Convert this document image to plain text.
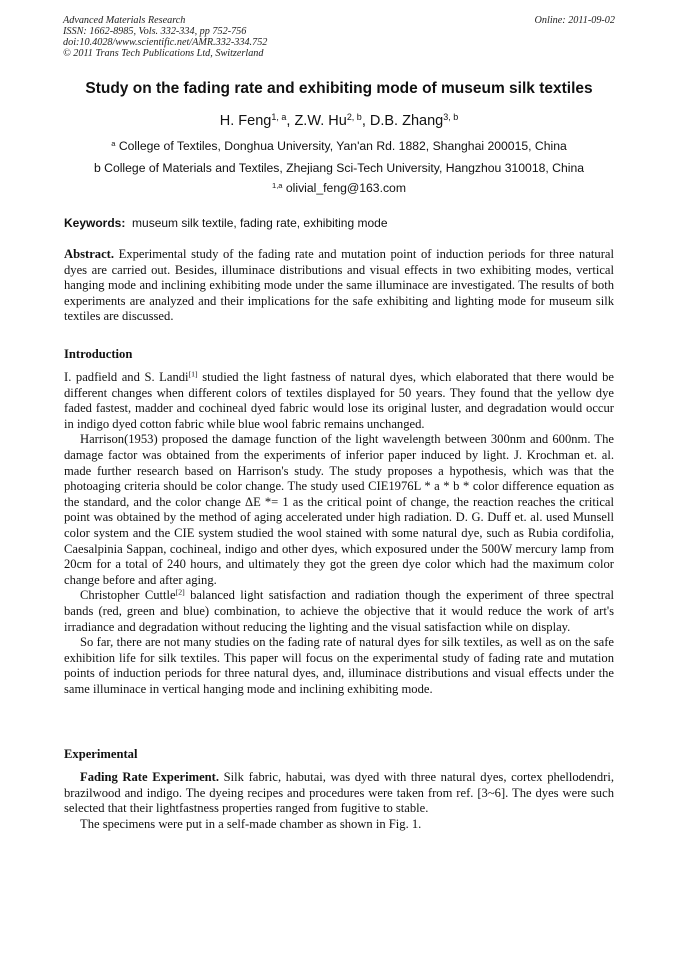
Advanced Materials Research
ISSN: 1662-8985, Vols. 332-334, pp 752-756
doi:10.4028/www.scientific.net/AMR.332-334.752
© 2011 Trans Tech Publications Ltd, Switzerland
Online: 2011-09-02
Study on the fading rate and exhibiting mode of museum silk textiles
H. Feng$^{1, a}$, Z.W. Hu$^{2, b}$, D.B. Zhang$^{3, b}$
$^a$ College of Textiles, Donghua University, Yan'an Rd. 1882, Shanghai 200015, China
b College of Materials and Textiles, Zhejiang Sci-Tech University, Hangzhou 310018, China
$^{1,a}$ olivial_feng@163.com
Keywords: museum silk textile, fading rate, exhibiting mode

Abstract. Experimental study of the fading rate and mutation point of induction periods for three natural dyes are carried out. Besides, illuminace distributions and visual effects in two exhibiting modes, vertical hanging mode and inclining exhibiting mode under the same illuminace are investigated. The results of both experiments are analyzed and their implications for the safe exhibiting and lighting mode for museum silk textiles are discussed.

Introduction

I. padfield and S. Landi[1] studied the light fastness of natural dyes, which elaborated that there would be different changes when different colors of textiles displayed for 50 years. They found that the yellow dye faded fastest, madder and cochineal dyed fabric would lose its original luster, and degradation would occur in indigo dyed cotton fabric while blue wool fabric remains unchanged.

Harrison(1953) proposed the damage function of the light wavelength between 300nm and 600nm. The damage factor was obtained from the experiments of inferior paper induced by light. J. Krochman et. al. made further research based on Harrison's study. The study proposes a hypothesis, which was that the photoaging criteria should be color change. The study used CIE1976L * a * b * color difference equation as the standard, and the color change ΔE *= 1 as the critical point of change, the reaction reaches the critical point was obtained by the method of aging accelerated under high radiation. D. G. Duff et. al. used Munsell color system and the CIE system studied the wool stained with some natural dye, such as Rubia cordifolia, Caesalpinia Sappan, cochineal, indigo and other dyes, which exposured under the 500W mercury lamp from 20cm for a total of 240 hours, and ultimately they got the green dye color which had the maximum color change before and after aging.

Christopher Cuttle[2] balanced light satisfaction and radiation though the experiment of three spectral bands (red, green and blue) combination, to achieve the objective that it would reduce the work of art's irradiance and degradation without reducing the lighting and the visual satisfaction while on display.

So far, there are not many studies on the fading rate of natural dyes for silk textiles, as well as on the safe exhibition life for silk textiles. This paper will focus on the experimental study of fading rate and mutation points of induction periods for three natural dyes, and, illuminace distributions and visual effects under the same illuminace in vertical hanging mode and inclining exhibiting mode.

Experimental

Fading Rate Experiment. Silk fabric, habutai, was dyed with three natural dyes, cortex phellodendri, brazilwood and indigo. The dyeing recipes and procedures were taken from ref. [3~6]. The dyes were such selected that their lightfastness properties ranged from fugitive to stable.

The specimens were put in a self-made chamber as shown in Fig. 1.
